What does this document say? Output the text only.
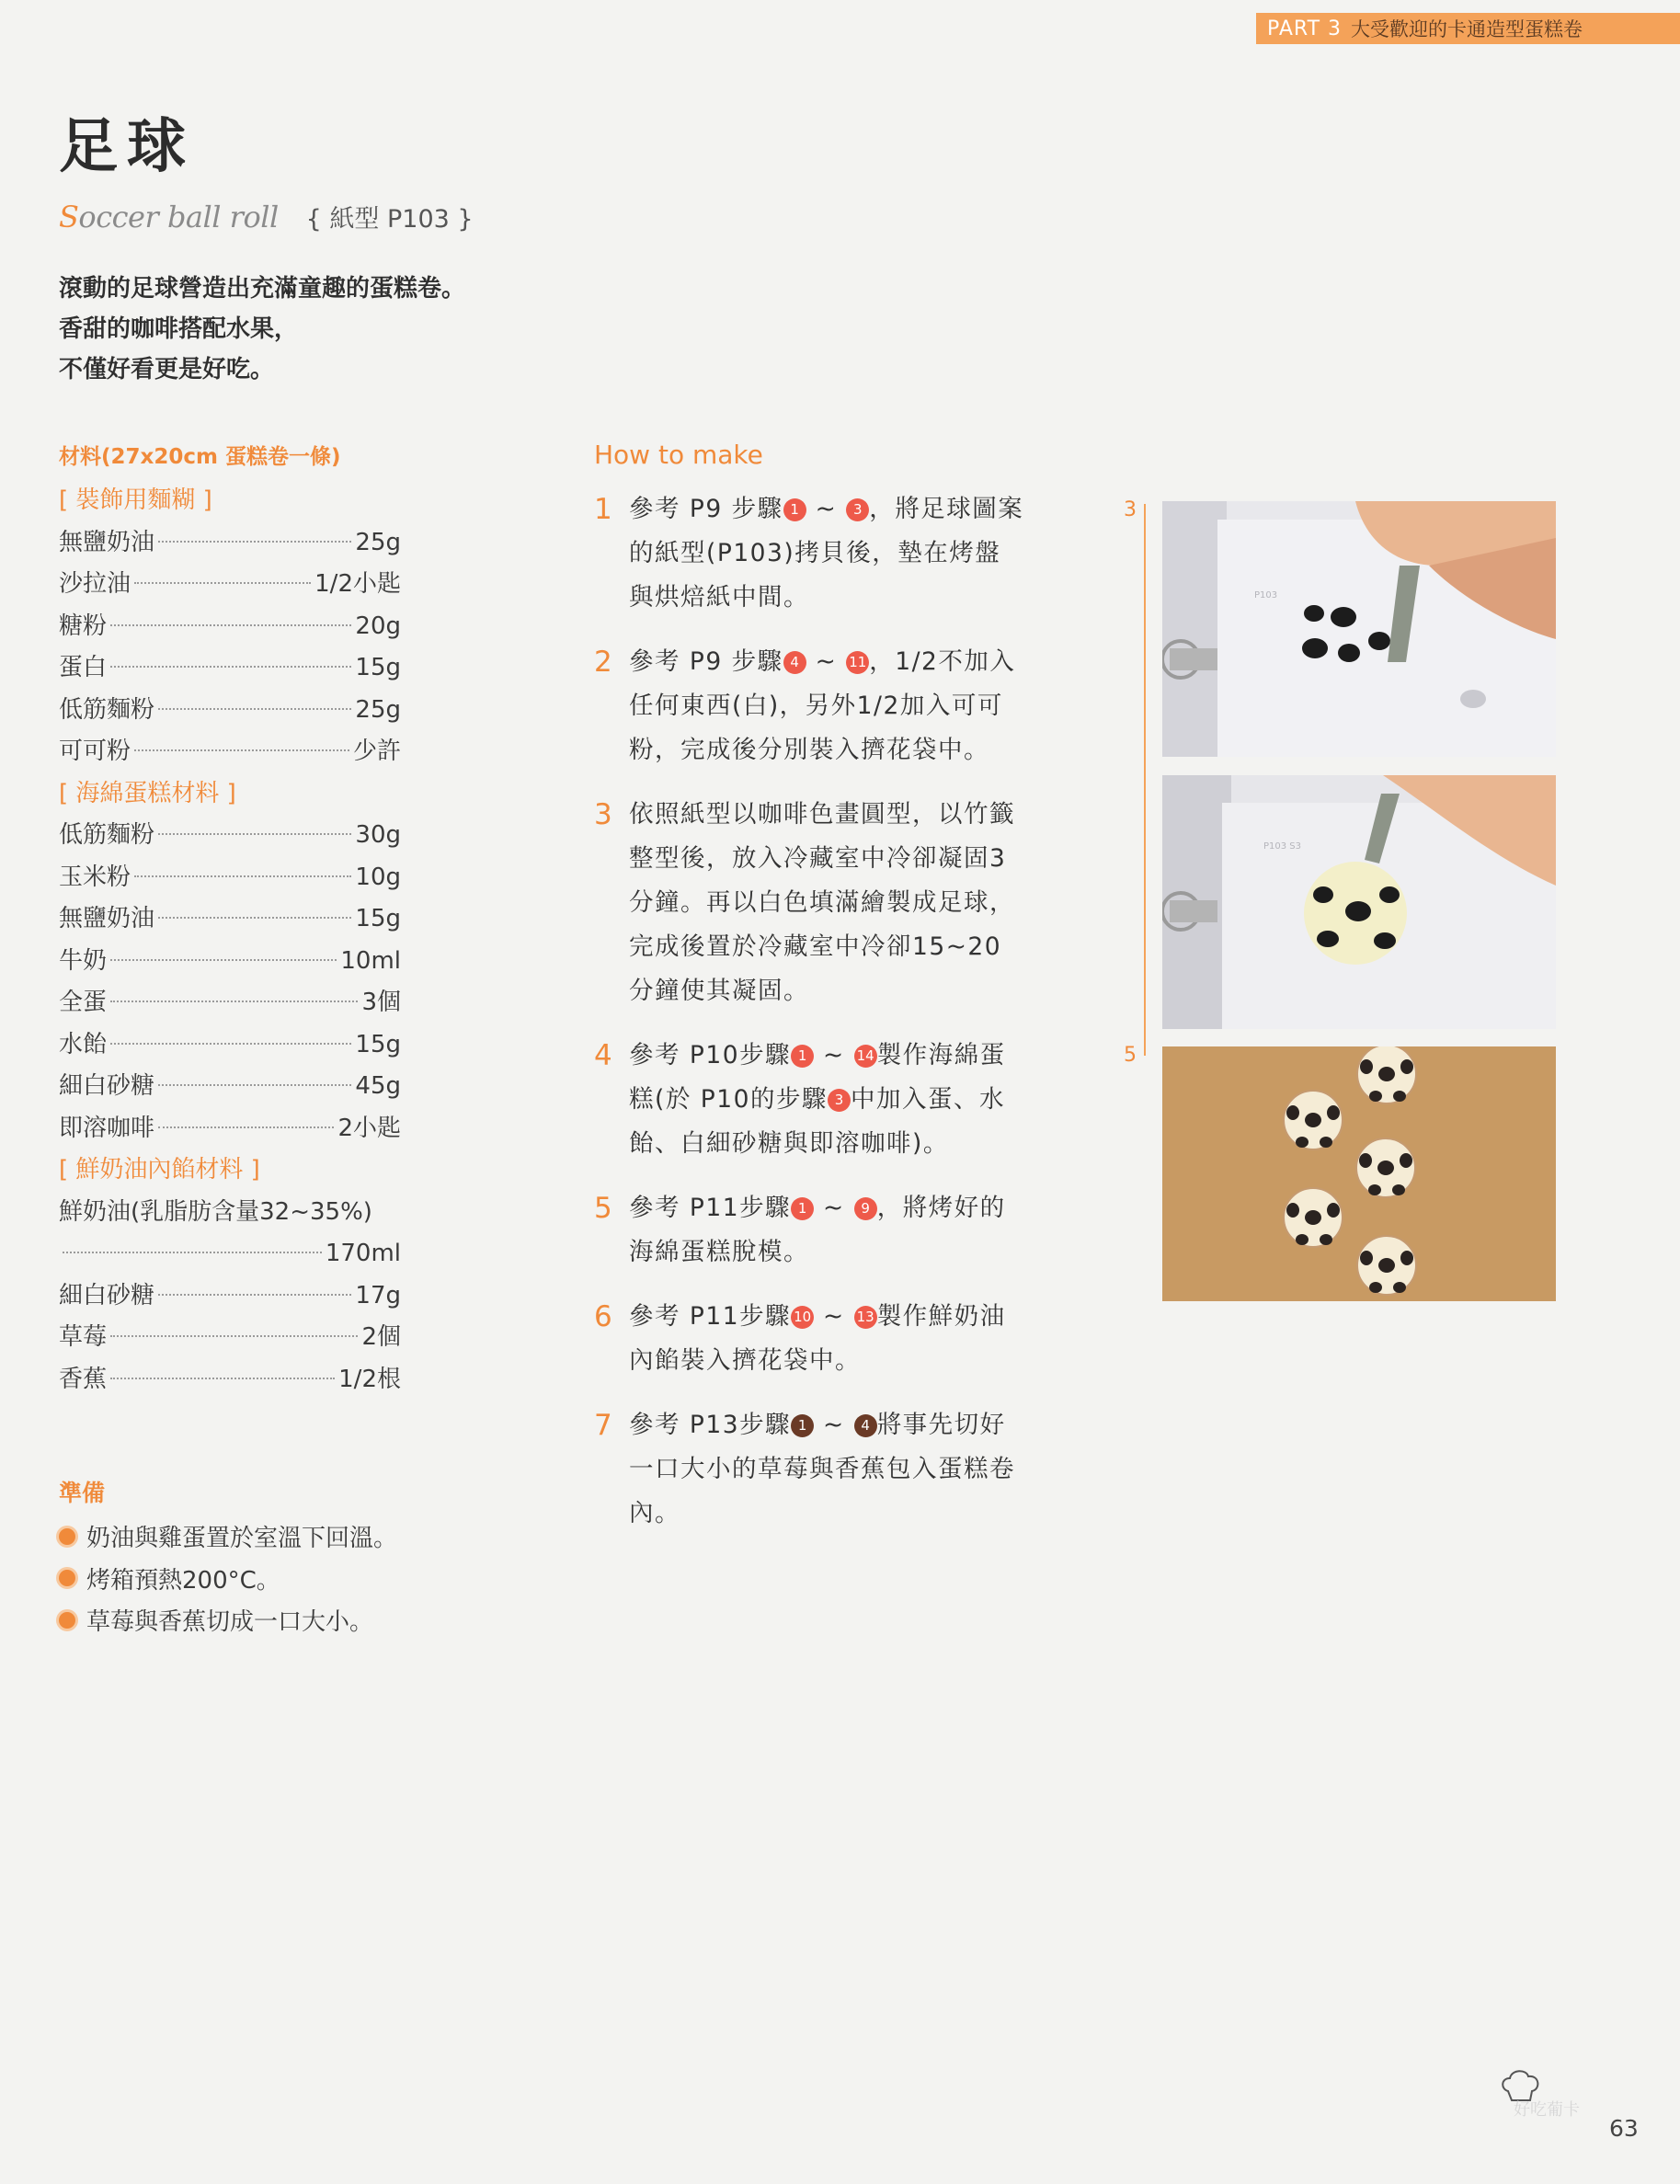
PART 3 大受歡迎的卡通造型蛋糕卷
足球
Soccer ball roll { 紙型 P103 }
滾動的足球營造出充滿童趣的蛋糕卷。
香甜的咖啡搭配水果，
不僅好看更是好吃。
材料(27x20cm 蛋糕卷一條)
[ 裝飾用麵糊 ]
無鹽奶油	25g
沙拉油	1/2小匙
糖粉	20g
蛋白	15g
低筋麵粉	25g
可可粉	少許
[ 海綿蛋糕材料 ]
低筋麵粉	30g
玉米粉	10g
無鹽奶油	15g
牛奶	10ml
全蛋	3個
水飴	15g
細白砂糖	45g
即溶咖啡	2小匙
[ 鮮奶油內餡材料 ]
鮮奶油(乳脂肪含量32~35%)
170ml
細白砂糖	17g
草莓	2個
香蕉	1/2根
準備
奶油與雞蛋置於室溫下回溫。
烤箱預熱200°C。
草莓與香蕉切成一口大小。
How to make
1 參考 P9 步驟 1 ~ 3 ，將足球圖案的紙型(P103)拷貝後，墊在烤盤與烘焙紙中間。
2 參考 P9 步驟 4 ~ 11 ，1/2不加入任何東西(白)，另外1/2加入可可粉，完成後分別裝入擠花袋中。
3 依照紙型以咖啡色畫圓型，以竹籤整型後，放入冷藏室中冷卻凝固3分鐘。再以白色填滿繪製成足球，完成後置於冷藏室中冷卻15~20分鐘使其凝固。
4 參考 P10步驟 1 ~ 14 製作海綿蛋糕(於 P10的步驟 3 中加入蛋、水飴、白細砂糖與即溶咖啡)。
5 參考 P11步驟 1 ~ 9 ，將烤好的海綿蛋糕脫模。
6 參考 P11步驟 10 ~ 13 製作鮮奶油內餡裝入擠花袋中。
7 參考 P13步驟 1 ~ 4 將事先切好一口大小的草莓與香蕉包入蛋糕卷內。
3
5
P103
P103 S3
好吃葡卡
63
